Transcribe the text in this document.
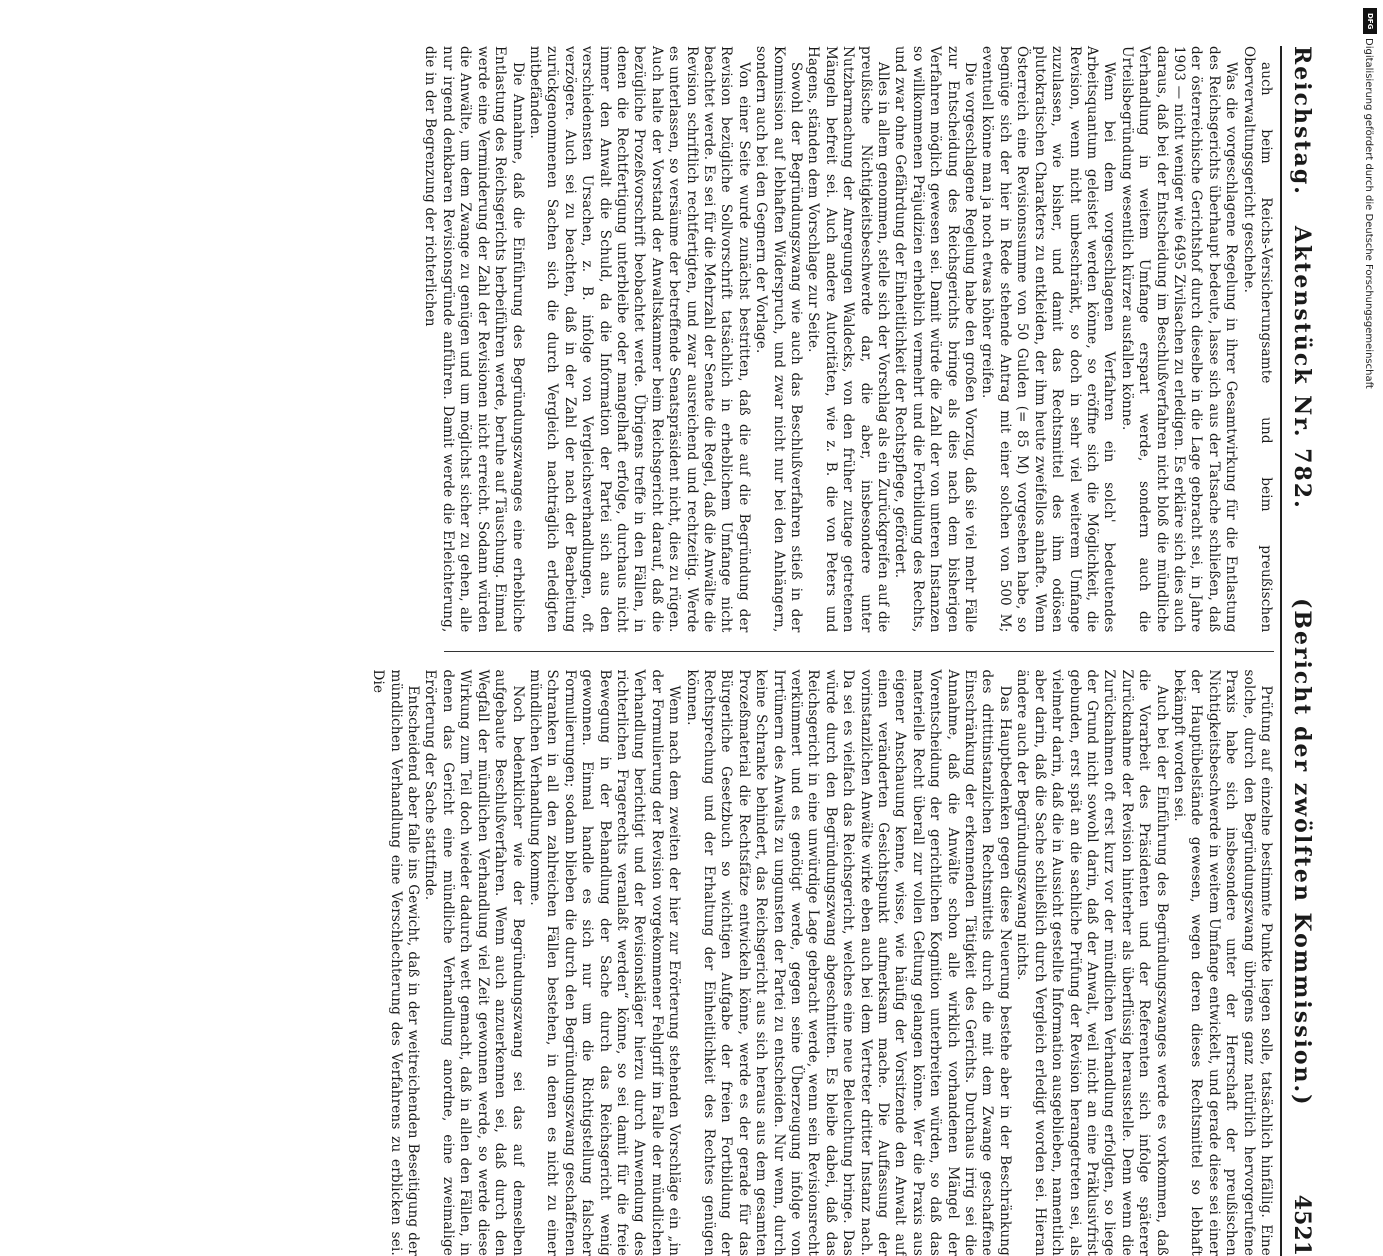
Reichstag.
Aktenstück Nr. 782.
(Bericht der zwölften Kommission.)
4521

auch beim Reichs-Versicherungsamte und beim preußischen Oberverwaltungsgericht geschehe.

Was die vorgeschlagene Regelung in ihrer Gesamtwirkung für die Entlastung des Reichsgerichts überhaupt bedeute, lasse sich aus der Tatsache schließen, daß der österreichische Gerichtshof durch dieselbe in die Lage gebracht sei, in Jahre 1903 — nicht weniger wie 6495 Zivilsachen zu erledigen. Es erkläre sich dies auch daraus, daß bei der Entscheidung im Beschlußverfahren nicht bloß die mündliche Verhandlung in weitem Umfange erspart werde, sondern auch die Urteilsbegründung wesentlich kürzer ausfallen könne.

Wenn bei dem vorgeschlagenen Verfahren ein solch' bedeutendes Arbeitsquantum geleistet werden könne, so eröffne sich die Möglichkeit, die Revision, wenn nicht unbeschränkt, so doch in sehr viel weiterem Umfange zuzulassen, wie bisher, und damit das Rechtsmittel des ihm odiösen plutokratischen Charakters zu entkleiden, der ihm heute zweifellos anhafte. Wenn Österreich eine Revisionssumme von 50 Gulden (= 85 M) vorgesehen habe, so begnüge sich der hier in Rede stehende Antrag mit einer solchen von 500 M; eventuell könne man ja noch etwas höher greifen.

Die vorgeschlagene Regelung habe den großen Vorzug, daß sie viel mehr Fälle zur Entscheidung des Reichsgerichts bringe als dies nach dem bisherigen Verfahren möglich gewesen sei. Damit würde die Zahl der von unteren Instanzen so willkommenen Präjudizien erheblich vermehrt und die Fortbildung des Rechts, und zwar ohne Gefährdung der Einheitlichkeit der Rechtspflege, gefördert.

Alles in allem genommen, stelle sich der Vorschlag als ein Zurückgreifen auf die preußische Nichtigkeitsbeschwerde dar, die aber, insbesondere unter Nutzbarmachung der Anregungen Waldecks, von den früher zutage getretenen Mängeln befreit sei. Auch andere Autoritäten, wie z. B. die von Peters und Hagens, ständen dem Vorschlage zur Seite.

Sowohl der Begründungszwang wie auch das Beschlußverfahren stieß in der Kommission auf lebhaften Widerspruch, und zwar nicht nur bei den Anhängern, sondern auch bei den Gegnern der Vorlage.

Von einer Seite wurde zunächst bestritten, daß die auf die Begründung der Revision bezügliche Sollvorschrift tatsächlich in erheblichem Umfange nicht beachtet werde. Es sei für die Mehrzahl der Senate die Regel, daß die Anwälte die Revision schriftlich rechtfertigten, und zwar ausreichend und rechtzeitig. Werde es unterlassen, so versäume der betreffende Senatspräsident nicht, dies zu rügen. Auch halte der Vorstand der Anwaltskammer beim Reichsgericht darauf, daß die bezügliche Prozeßvorschrift beobachtet werde. Übrigens treffe in den Fällen, in denen die Rechtfertigung unterbleibe oder mangelhaft erfolge, durchaus nicht immer den Anwalt die Schuld, da die Information der Partei sich aus den verschiedensten Ursachen, z. B. infolge von Vergleichsverhandlungen, oft verzögere. Auch sei zu beachten, daß in der Zahl der nach der Bearbeitung zurückgenommenen Sachen sich die durch Vergleich nachträglich erledigten mitbefänden.

Die Annahme, daß die Einführung des Begründungszwanges eine erhebliche Entlastung des Reichsgerichts herbeiführen werde, beruhe auf Täuschung. Einmal werde eine Verminderung der Zahl der Revisionen nicht erreicht. Sodann würden die Anwälte, um dem Zwange zu genügen und um möglichst sicher zu gehen, alle nur irgend denkbaren Revisionsgründe anführen. Damit werde die Erleichterung, die in der Begrenzung der richterlichen

Prüfung auf einzelne bestimmte Punkte liegen solle, tatsächlich hinfällig. Eine solche, durch den Begründungszwang übrigens ganz natürlich hervorgerufene Praxis habe sich insbesondere unter der Herrschaft der preußischen Nichtigkeitsbeschwerde in weitem Umfange entwickelt, und gerade diese sei einer der Hauptübelstände gewesen, wegen deren dieses Rechtsmittel so lebhaft bekämpft worden sei.

Auch bei der Einführung des Begründungszwanges werde es vorkommen, daß die Vorarbeit des Präsidenten und der Referenten sich infolge späterer Zurücknahme der Revision hinterher als überflüssig herausstelle. Denn wenn die Zurücknahmen oft erst kurz vor der mündlichen Verhandlung erfolgten, so liege der Grund nicht sowohl darin, daß der Anwalt, weil nicht an eine Präklusivfrist gebunden, erst spät an die sachliche Prüfung der Revision herangetreten sei, als vielmehr darin, daß die in Aussicht gestellte Information ausgeblieben, namentlich aber darin, daß die Sache schließlich durch Vergleich erledigt worden sei. Hieran ändere auch der Begründungszwang nichts.

Das Hauptbedenken gegen diese Neuerung bestehe aber in der Beschränkung des dritttinstanzlichen Rechtsmittels durch die mit dem Zwange geschaffene Einschränkung der erkennenden Tätigkeit des Gerichts. Durchaus irrig sei die Annahme, daß die Anwälte schon alle wirklich vorhandenen Mängel der Vorentscheidung der gerichtlichen Kognition unterbreiten würden, so daß das materielle Recht überall zur vollen Geltung gelangen könne. Wer die Praxis aus eigener Anschauung kenne, wisse, wie häufig der Vorsitzende den Anwalt auf einen veränderten Gesichtspunkt aufmerksam mache. Die Auffassung der vorinstanzlichen Anwälte wirke eben auch bei dem Vertreter dritter Instanz nach. Da sei es vielfach das Reichsgericht, welches eine neue Beleuchtung bringe. Das würde durch den Begründungszwang abgeschnitten. Es bleibe dabei, daß das Reichsgericht in eine unwürdige Lage gebracht werde, wenn sein Revisionsrecht verkümmert und es genötigt werde, gegen seine Überzeugung infolge von Irrtümern des Anwalts zu ungunsten der Partei zu entscheiden. Nur wenn, durch keine Schranke behindert, das Reichsgericht aus sich heraus aus dem gesamten Prozeßmaterial die Rechtsfätze entwickeln könne, werde es der gerade für das Bürgerliche Gesetzbuch so wichtigen Aufgabe der freien Fortbildung der Rechtsprechung und der Erhaltung der Einheitlichkeit des Rechtes genügen können.

Wenn nach dem zweiten der hier zur Erörterung stehenden Vorschläge ein „in der Formulierung der Revision vorgekommener Fehlgriff im Falle der mündlichen Verhandlung berichtigt und der Revisionskläger hierzu durch Anwendung des richterlichen Fragerechts veranlaßt werden“ könne, so sei damit für die freie Bewegung in der Behandlung der Sache durch das Reichsgericht wenig gewonnen. Einmal handle es sich nur um die Richtigstellung falscher Formulierungen; sodann blieben die durch den Begründungszwang geschaffenen Schranken in all den zahlreichen Fällen bestehen, in denen es nicht zu einer mündlichen Verhandlung komme.

Noch bedenklicher wie der Begründungszwang sei das auf demselben aufgebaute Beschlußverfahren. Wenn auch anzuerkennen sei, daß durch den Wegfall der mündlichen Verhandlung viel Zeit gewonnen werde, so werde diese Wirkung zum Teil doch wieder dadurch wett gemacht, daß in allen den Fällen, in denen das Gericht eine mündliche Verhandlung anordne, eine zweimalige Erörterung der Sache stattfinde.

Entscheidend aber falle ins Gewicht, daß in der weitreichenden Beseitigung der mündlichen Verhandlung eine Verschlechterung des Verfahrens zu erblicken sei. Die

DFG
Digitalisierung gefördert durch die Deutsche Forschungsgemeinschaft
